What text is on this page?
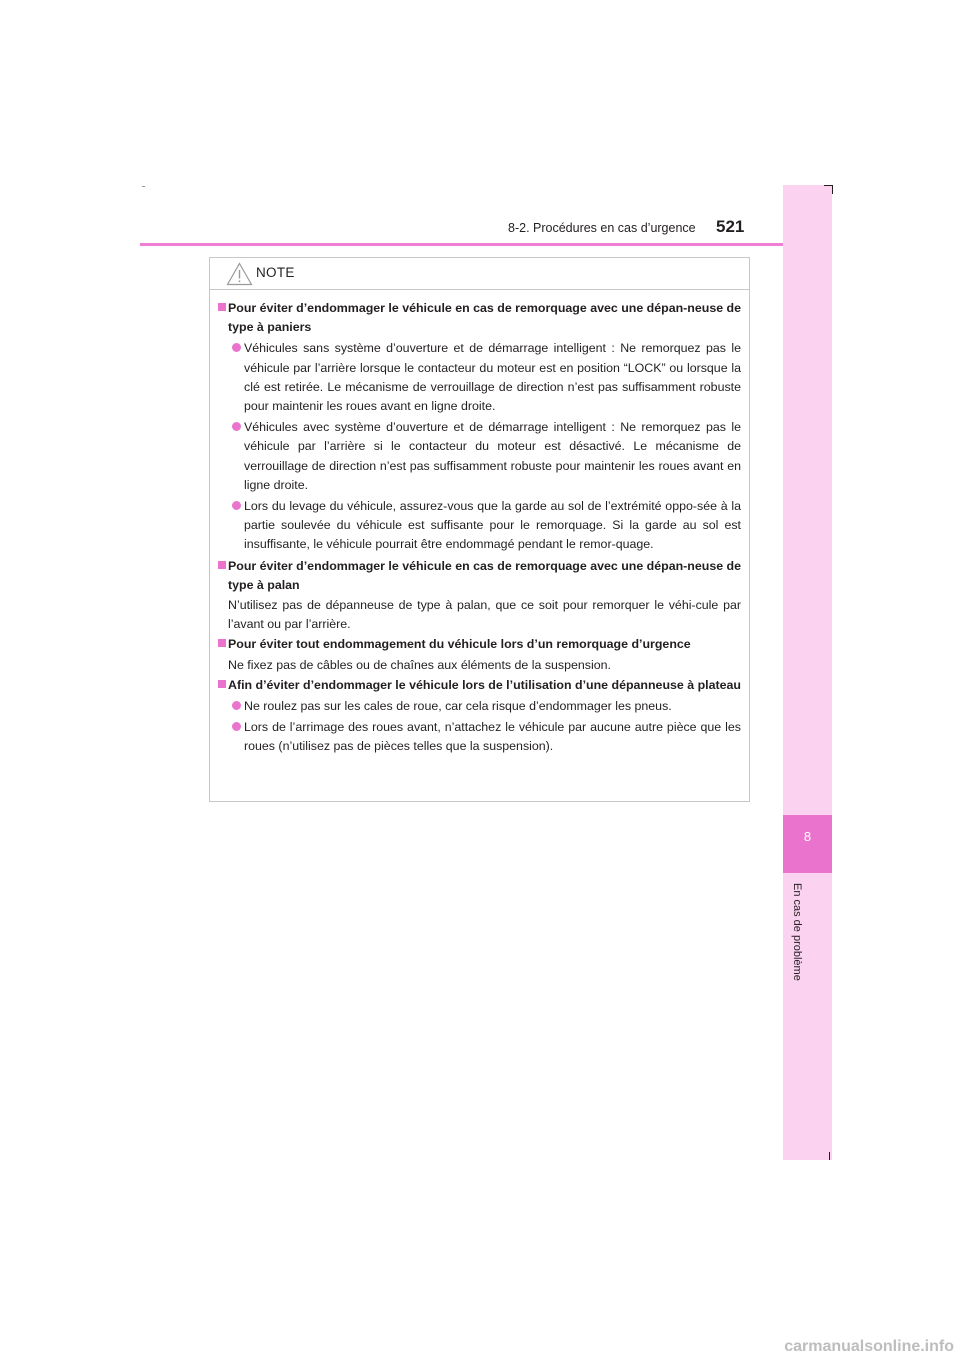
8-2. Procédures en cas d’urgence 521
8
En cas de problème
NOTE
Pour éviter d’endommager le véhicule en cas de remorquage avec une dépan-neuse de type à paniers
Véhicules sans système d’ouverture et de démarrage intelligent : Ne remorquez pas le véhicule par l’arrière lorsque le contacteur du moteur est en position “LOCK” ou lorsque la clé est retirée. Le mécanisme de verrouillage de direction n’est pas suffisamment robuste pour maintenir les roues avant en ligne droite.
Véhicules avec système d’ouverture et de démarrage intelligent : Ne remorquez pas le véhicule par l’arrière si le contacteur du moteur est désactivé. Le mécanisme de verrouillage de direction n’est pas suffisamment robuste pour maintenir les roues avant en ligne droite.
Lors du levage du véhicule, assurez-vous que la garde au sol de l’extrémité oppo-sée à la partie soulevée du véhicule est suffisante pour le remorquage. Si la garde au sol est insuffisante, le véhicule pourrait être endommagé pendant le remor-quage.
Pour éviter d’endommager le véhicule en cas de remorquage avec une dépan-neuse de type à palan
N’utilisez pas de dépanneuse de type à palan, que ce soit pour remorquer le véhi-cule par l’avant ou par l’arrière.
Pour éviter tout endommagement du véhicule lors d’un remorquage d’urgence
Ne fixez pas de câbles ou de chaînes aux éléments de la suspension.
Afin d’éviter d’endommager le véhicule lors de l’utilisation d’une dépanneuse à plateau
Ne roulez pas sur les cales de roue, car cela risque d’endommager les pneus.
Lors de l’arrimage des roues avant, n’attachez le véhicule par aucune autre pièce que les roues (n’utilisez pas de pièces telles que la suspension).
carmanualsonline.info
